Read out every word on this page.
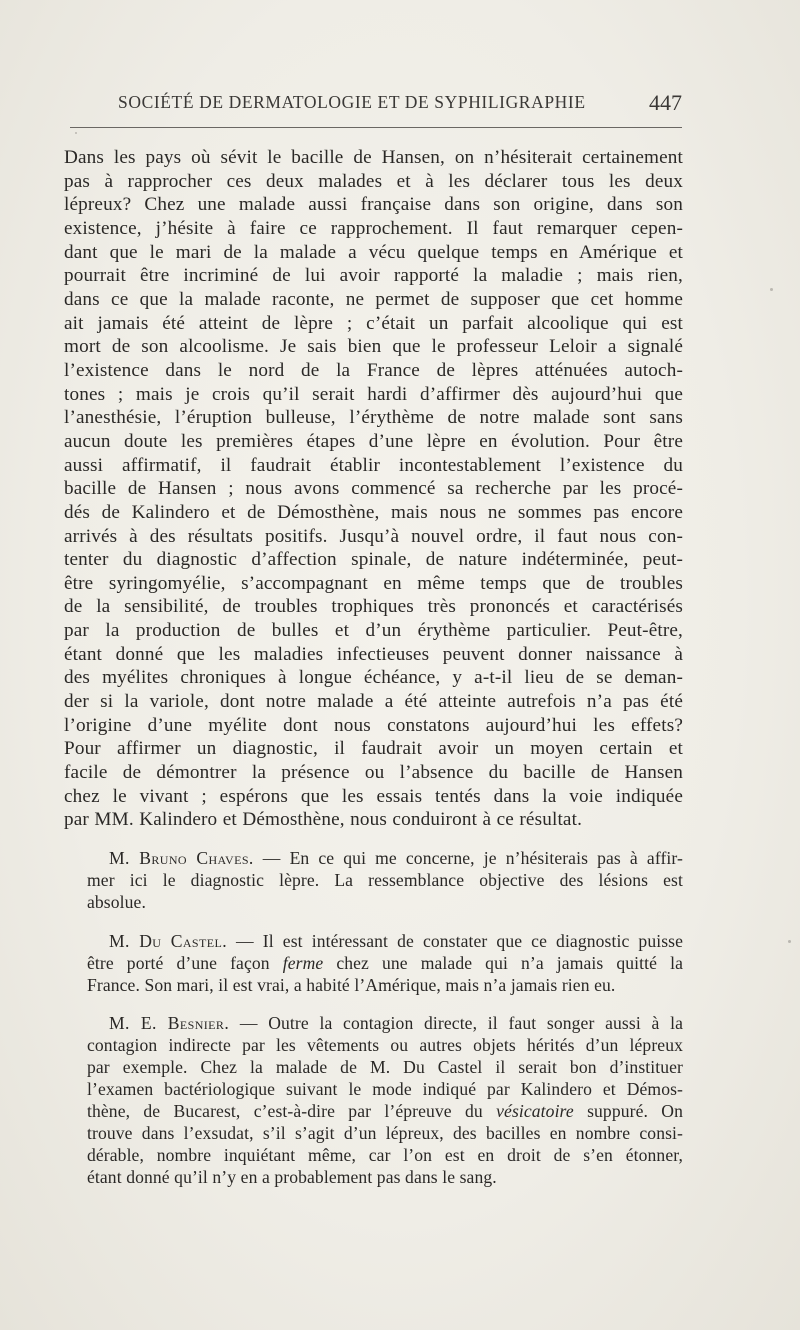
SOCIÉTÉ DE DERMATOLOGIE ET DE SYPHILIGRAPHIE	447

Dans les pays où sévit le bacille de Hansen, on n’hésiterait certainement
pas à rapprocher ces deux malades et à les déclarer tous les deux
lépreux? Chez une malade aussi française dans son origine, dans son
existence, j’hésite à faire ce rapprochement. Il faut remarquer cepen-
dant que le mari de la malade a vécu quelque temps en Amérique et
pourrait être incriminé de lui avoir rapporté la maladie ; mais rien,
dans ce que la malade raconte, ne permet de supposer que cet homme
ait jamais été atteint de lèpre ; c’était un parfait alcoolique qui est
mort de son alcoolisme. Je sais bien que le professeur Leloir a signalé
l’existence dans le nord de la France de lèpres atténuées autoch-
tones ; mais je crois qu’il serait hardi d’affirmer dès aujourd’hui que
l’anesthésie, l’éruption bulleuse, l’érythème de notre malade sont sans
aucun doute les premières étapes d’une lèpre en évolution. Pour être
aussi affirmatif, il faudrait établir incontestablement l’existence du
bacille de Hansen ; nous avons commencé sa recherche par les procé-
dés de Kalindero et de Démosthène, mais nous ne sommes pas encore
arrivés à des résultats positifs. Jusqu’à nouvel ordre, il faut nous con-
tenter du diagnostic d’affection spinale, de nature indéterminée, peut-
être syringomyélie, s’accompagnant en même temps que de troubles
de la sensibilité, de troubles trophiques très prononcés et caractérisés
par la production de bulles et d’un érythème particulier. Peut-être,
étant donné que les maladies infectieuses peuvent donner naissance à
des myélites chroniques à longue échéance, y a-t-il lieu de se deman-
der si la variole, dont notre malade a été atteinte autrefois n’a pas été
l’origine d’une myélite dont nous constatons aujourd’hui les effets?
Pour affirmer un diagnostic, il faudrait avoir un moyen certain et
facile de démontrer la présence ou l’absence du bacille de Hansen
chez le vivant ; espérons que les essais tentés dans la voie indiquée
par MM. Kalindero et Démosthène, nous conduiront à ce résultat.

M. Bruno Chaves. — En ce qui me concerne, je n’hésiterais pas à affir-
mer ici le diagnostic lèpre. La ressemblance objective des lésions est
absolue.

M. Du Castel. — Il est intéressant de constater que ce diagnostic puisse
être porté d’une façon ferme chez une malade qui n’a jamais quitté la
France. Son mari, il est vrai, a habité l’Amérique, mais n’a jamais rien eu.

M. E. Besnier. — Outre la contagion directe, il faut songer aussi à la
contagion indirecte par les vêtements ou autres objets hérités d’un lépreux
par exemple. Chez la malade de M. Du Castel il serait bon d’instituer
l’examen bactériologique suivant le mode indiqué par Kalindero et Démos-
thène, de Bucarest, c’est-à-dire par l’épreuve du vésicatoire suppuré. On
trouve dans l’exsudat, s’il s’agit d’un lépreux, des bacilles en nombre consi-
dérable, nombre inquiétant même, car l’on est en droit de s’en étonner,
étant donné qu’il n’y en a probablement pas dans le sang.
